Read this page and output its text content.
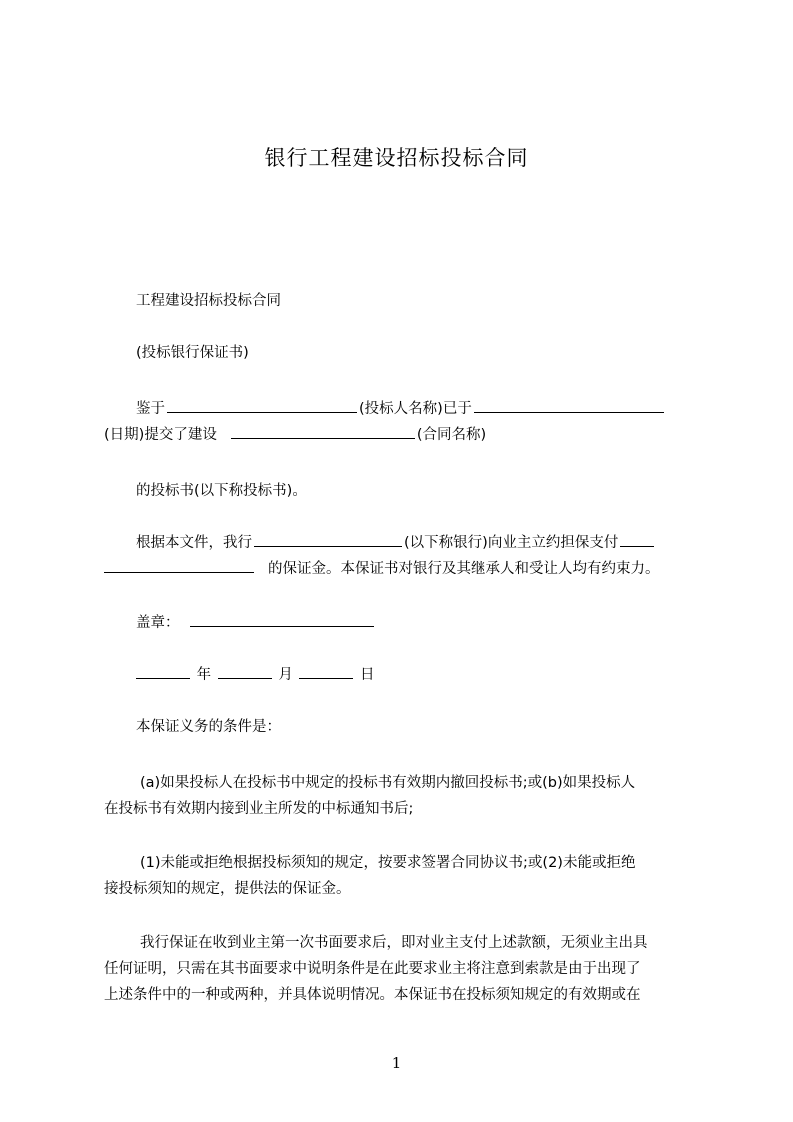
银行工程建设招标投标合同
工程建设招标投标合同
(投标银行保证书)
鉴于	(投标人名称)已于
(日期)提交了建设	(合同名称)
的投标书(以下称投标书)。
根据本文件，我行	(以下称银行)向业主立约担保支付
的保证金。本保证书对银行及其继承人和受让人均有约束力。
盖章：
年	月	日
本保证义务的条件是：
(a)如果投标人在投标书中规定的投标书有效期内撤回投标书;或(b)如果投标人
在投标书有效期内接到业主所发的中标通知书后;
(1)未能或拒绝根据投标须知的规定，按要求签署合同协议书;或(2)未能或拒绝
接投标须知的规定，提供法的保证金。
我行保证在收到业主第一次书面要求后，即对业主支付上述款额，无须业主出具
任何证明，只需在其书面要求中说明条件是在此要求业主将注意到索款是由于出现了
上述条件中的一种或两种，并具体说明情况。本保证书在投标须知规定的有效期或在
1
